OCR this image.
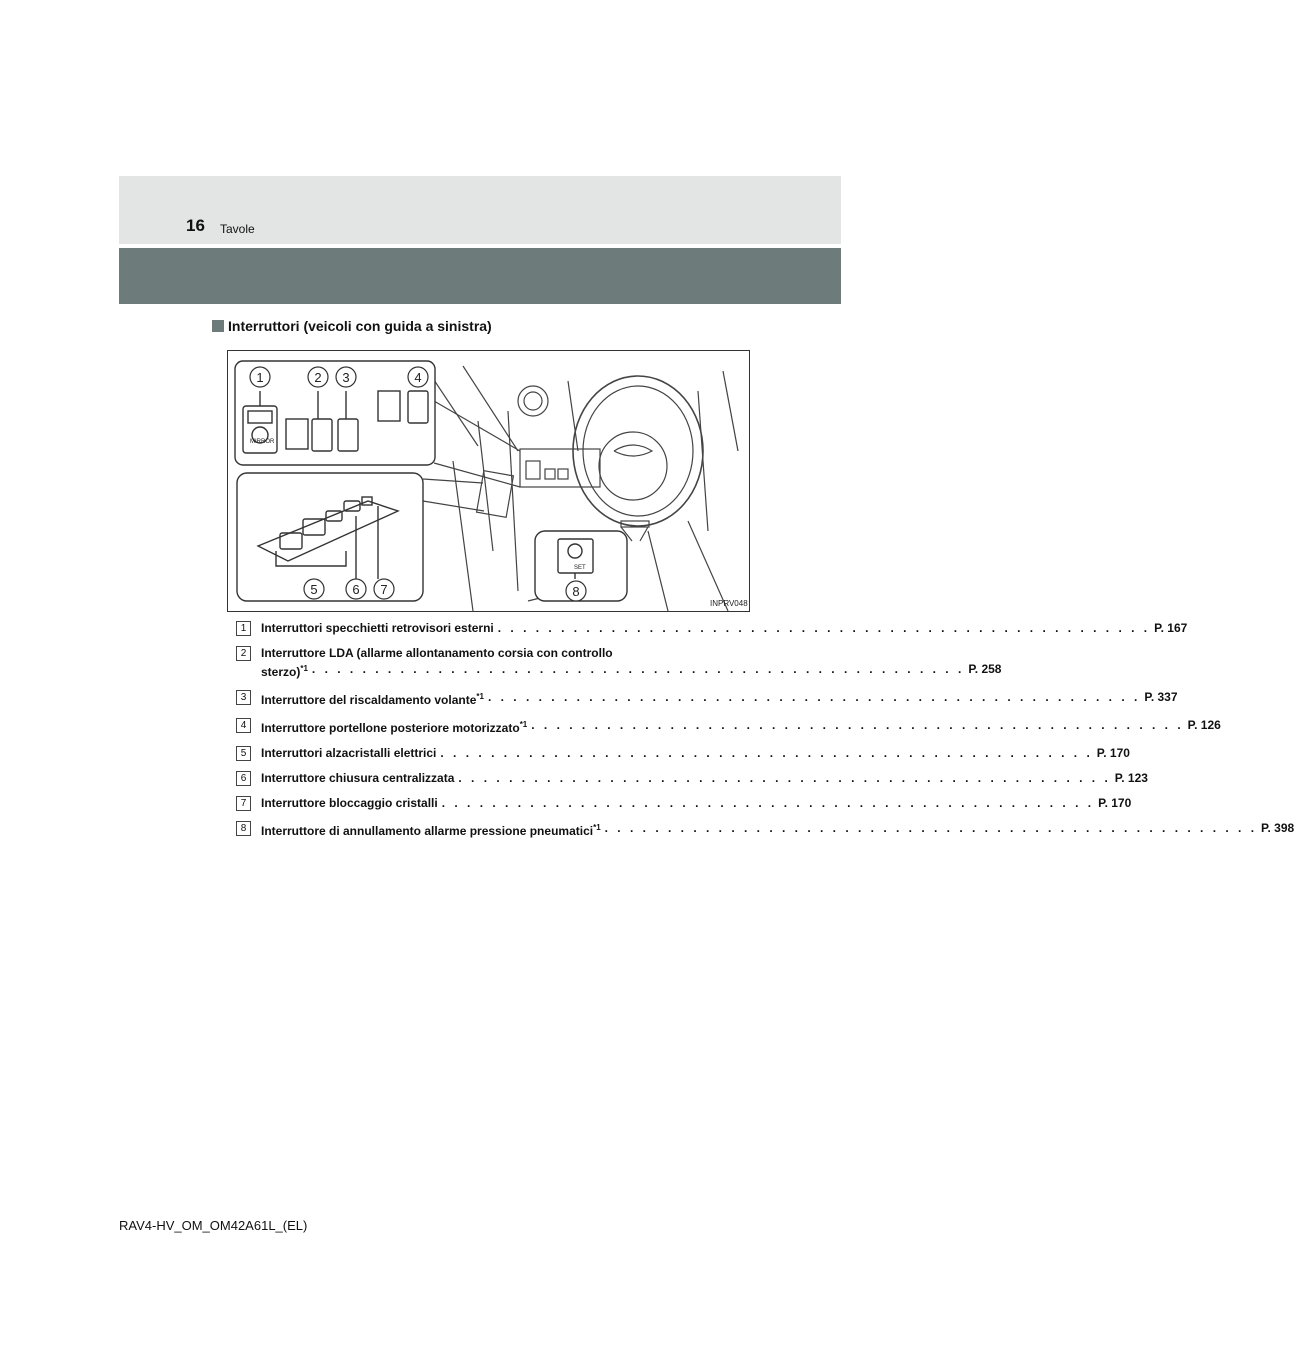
16 Tavole
Interruttori (veicoli con guida a sinistra)
MIRROR
SET
1	2 3	4
5	6 7	8
INPRV048
1	Interruttori specchietti retrovisori esterni . . . . . . . . . . . . . . . . . . . . . . . . . . . . . . . . . . . . . . . . . . . . . . . . . . . . P. 167
2	Interruttore LDA (allarme allontanamento corsia con controllo
sterzo)$^{*1}$ . . . . . . . . . . . . . . . . . . . . . . . . . . . . . . . . . . . . . . . . . . . . . . . . . . . . P. 258
3	Interruttore del riscaldamento volante$^{*1}$ . . . . . . . . . . . . . . . . . . . . . . . . . . . . . . . . . . . . . . . . . . . . . . . . . . . . P. 337
4	Interruttore portellone posteriore motorizzato$^{*1}$ . . . . . . . . . . . . . . . . . . . . . . . . . . . . . . . . . . . . . . . . . . . . . . . . . . . . P. 126
5	Interruttori alzacristalli elettrici . . . . . . . . . . . . . . . . . . . . . . . . . . . . . . . . . . . . . . . . . . . . . . . . . . . . P. 170
6	Interruttore chiusura centralizzata . . . . . . . . . . . . . . . . . . . . . . . . . . . . . . . . . . . . . . . . . . . . . . . . . . . . P. 123
7	Interruttore bloccaggio cristalli . . . . . . . . . . . . . . . . . . . . . . . . . . . . . . . . . . . . . . . . . . . . . . . . . . . . P. 170
8	Interruttore di annullamento allarme pressione pneumatici$^{*1}$ . . . . . . . . . . . . . . . . . . . . . . . . . . . . . . . . . . . . . . . . . . . . . . . . . . . . P. 398
RAV4-HV_OM_OM42A61L_(EL)
